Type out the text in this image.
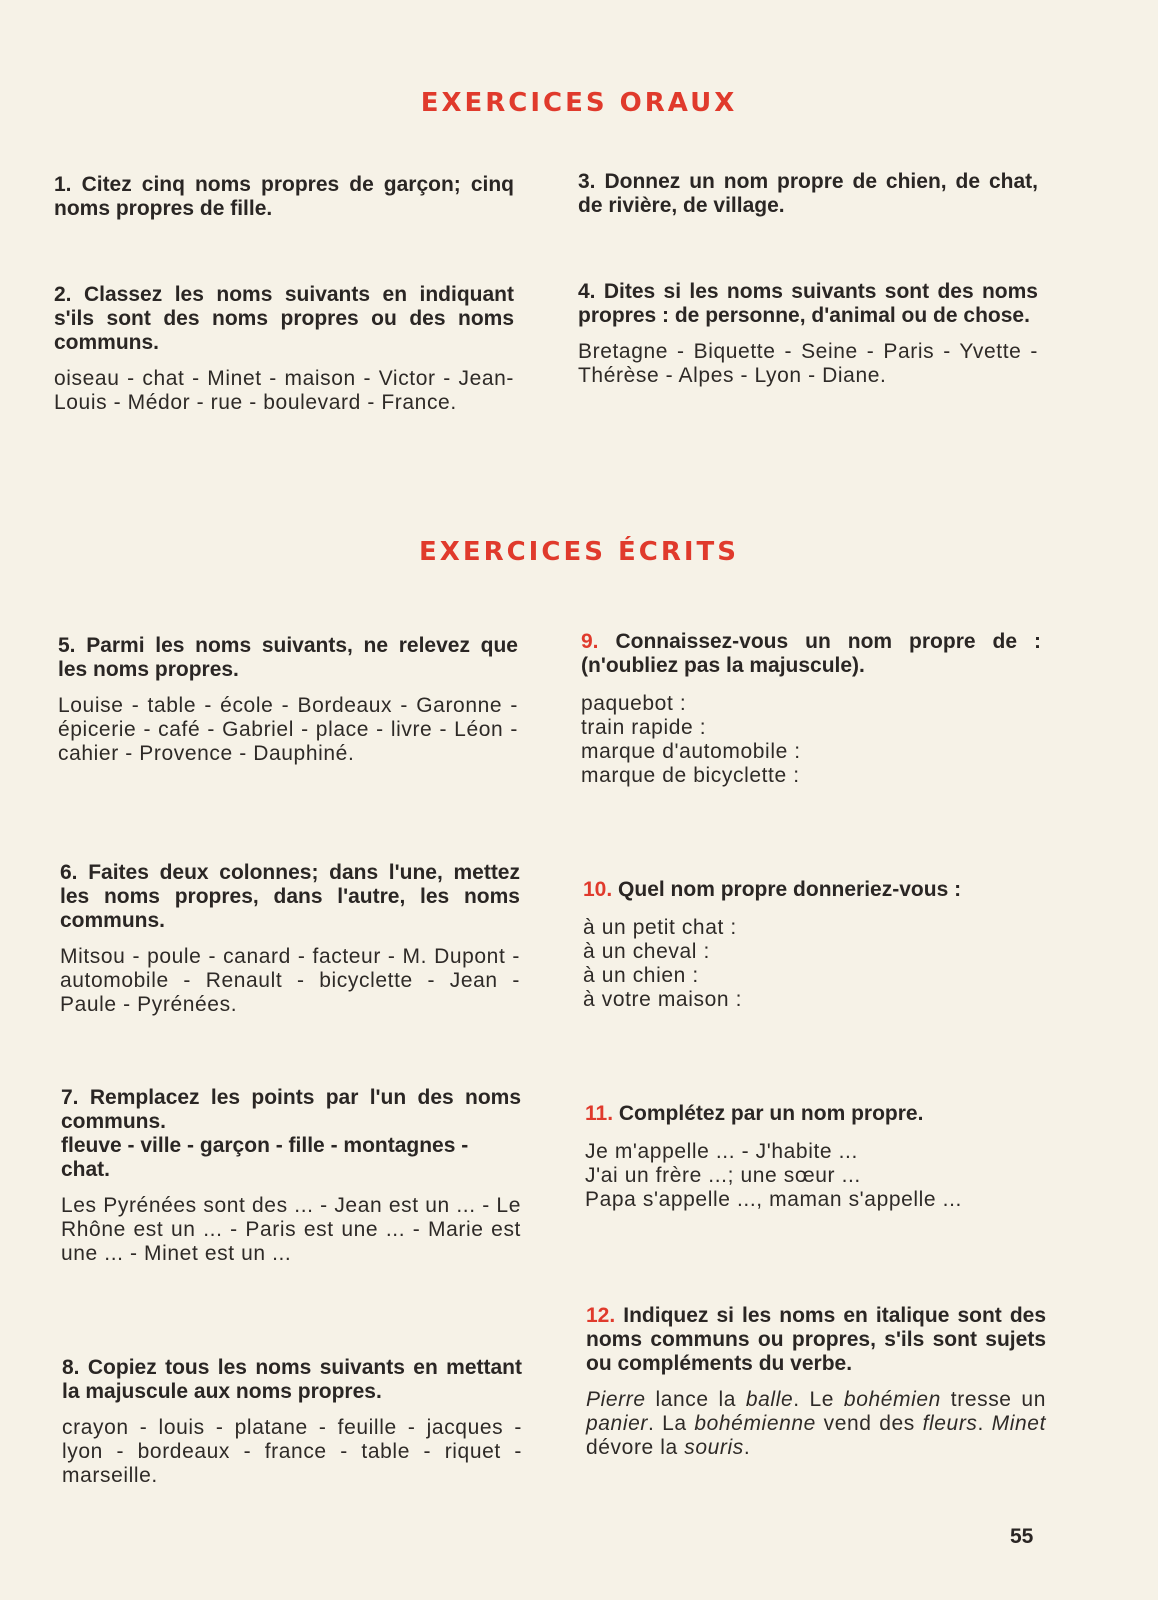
EXERCICES ORAUX

1. Citez cinq noms propres de garçon; cinq noms propres de fille.

2. Classez les noms suivants en indiquant s'ils sont des noms propres ou des noms communs.

oiseau - chat - Minet - maison - Victor - Jean-Louis - Médor - rue - boulevard - France.

3. Donnez un nom propre de chien, de chat, de rivière, de village.

4. Dites si les noms suivants sont des noms propres : de personne, d'animal ou de chose.

Bretagne - Biquette - Seine - Paris - Yvette - Thérèse - Alpes - Lyon - Diane.

EXERCICES ÉCRITS

5. Parmi les noms suivants, ne relevez que les noms propres.

Louise - table - école - Bordeaux - Garonne - épicerie - café - Gabriel - place - livre - Léon - cahier - Provence - Dauphiné.

6. Faites deux colonnes; dans l'une, mettez les noms propres, dans l'autre, les noms communs.

Mitsou - poule - canard - facteur - M. Dupont - automobile - Renault - bicyclette - Jean - Paule - Pyrénées.

7. Remplacez les points par l'un des noms communs.

fleuve - ville - garçon - fille - montagnes - chat.

Les Pyrénées sont des ... - Jean est un ... - Le Rhône est un ... - Paris est une ... - Marie est une ... - Minet est un ...

8. Copiez tous les noms suivants en mettant la majuscule aux noms propres.

crayon - louis - platane - feuille - jacques - lyon - bordeaux - france - table - riquet - marseille.

9. Connaissez-vous un nom propre de : (n'oubliez pas la majuscule).

paquebot :
train rapide :
marque d'automobile :
marque de bicyclette :

10. Quel nom propre donneriez-vous :

à un petit chat :
à un cheval :
à un chien :
à votre maison :

11. Complétez par un nom propre.

Je m'appelle ... - J'habite ...
J'ai un frère ...; une sœur ...
Papa s'appelle ..., maman s'appelle ...

12. Indiquez si les noms en italique sont des noms communs ou propres, s'ils sont sujets ou compléments du verbe.

Pierre lance la balle. Le bohémien tresse un panier. La bohémienne vend des fleurs. Minet dévore la souris.

55
